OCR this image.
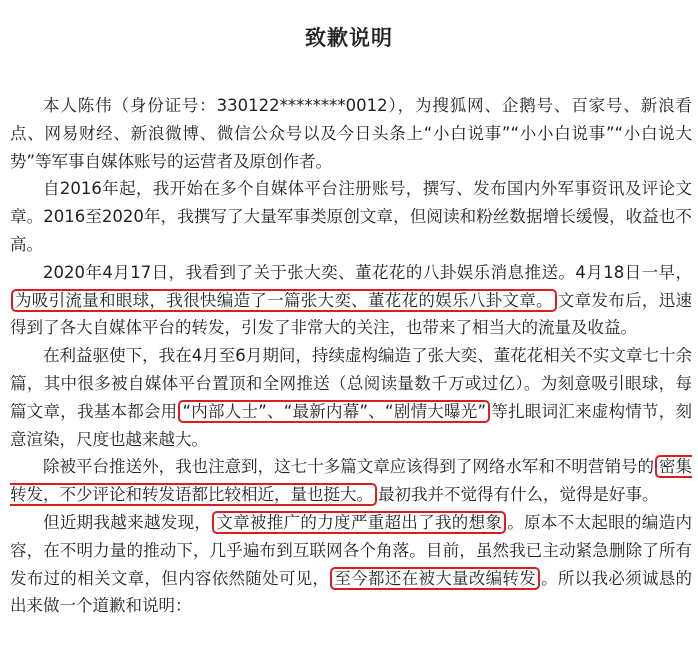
致歉说明

本人陈伟（身份证号：330122********0012），为搜狐网、企鹅号、百家号、新浪看点、网易财经、新浪微博、微信公众号以及今日头条上“小白说事”“小小白说事”“小白说大势”等军事自媒体账号的运营者及原创作者。

自2016年起，我开始在多个自媒体平台注册账号，撰写、发布国内外军事资讯及评论文章。2016至2020年，我撰写了大量军事类原创文章，但阅读和粉丝数据增长缓慢，收益也不高。

2020年4月17日，我看到了关于张大奕、董花花的八卦娱乐消息推送。4月18日一早，为吸引流量和眼球，我很快编造了一篇张大奕、董花花的娱乐八卦文章。 文章发布后，迅速得到了各大自媒体平台的转发，引发了非常大的关注，也带来了相当大的流量及收益。

在利益驱使下，我在4月至6月期间，持续虚构编造了张大奕、董花花相关不实文章七十余篇，其中很多被自媒体平台置顶和全网推送（总阅读量数千万或过亿）。为刻意吸引眼球，每篇文章，我基本都会用 “内部人士”、“最新内幕”、“剧情大曝光” 等扎眼词汇来虚构情节，刻意渲染，尺度也越来越大。

除被平台推送外，我也注意到，这七十多篇文章应该得到了网络水军和不明营销号的 密集转发，不少评论和转发语都比较相近，量也挺大。 最初我并不觉得有什么，觉得是好事。

但近期我越来越发现， 文章被推广的力度严重超出了我的想象 。原本不太起眼的编造内容，在不明力量的推动下，几乎遍布到互联网各个角落。目前，虽然我已主动紧急删除了所有发布过的相关文章，但内容依然随处可见， 至今都还在被大量改编转发 。所以我必须诚恳的出来做一个道歉和说明：
